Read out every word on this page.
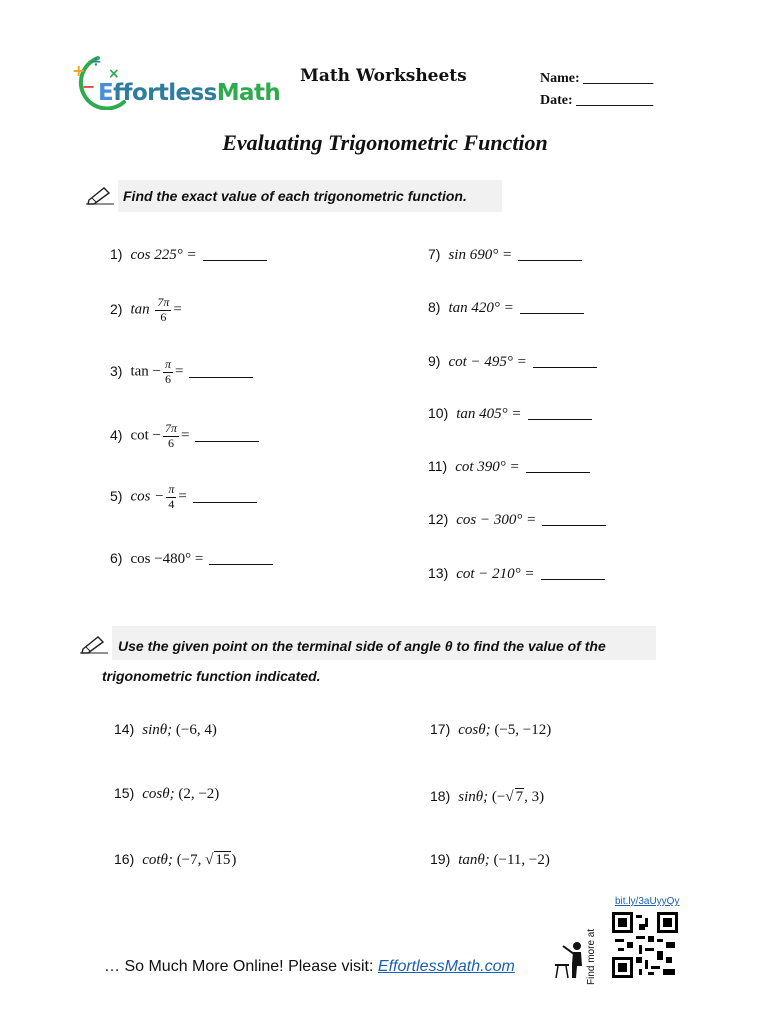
+ ÷
×
− EffortlessMath
Math Worksheets	Name: __________
Date: ___________
Evaluating Trigonometric Function
Find the exact value of each trigonometric function.
1) cos 225° =
2) $\tan \frac{7\pi}{6}$ =
3) $\tan - \frac{\pi}{6}$ =
4) $\cot - \frac{7\pi}{6}$ =
5) $\cos - \frac{\pi}{4}$ =
6) cos −480° =
7) sin 690° =
8) tan 420° =
9) cot − 495° =
10) tan 405° =
11) cot 390° =
12) cos − 300° =
13) cot − 210° =
Use the given point on the terminal side of angle θ to find the value of the
trigonometric function indicated.
14) sinθ; (−6, 4)
15) cosθ; (2, −2)
16) cotθ; (−7, √ 15)
17) cosθ; (−5, −12)
18) sinθ; (−√ 7, 3)
19) tanθ; (−11, −2)
bit.ly/3aUyyQy
Find more at
… So Much More Online! Please visit: EffortlessMath.com
